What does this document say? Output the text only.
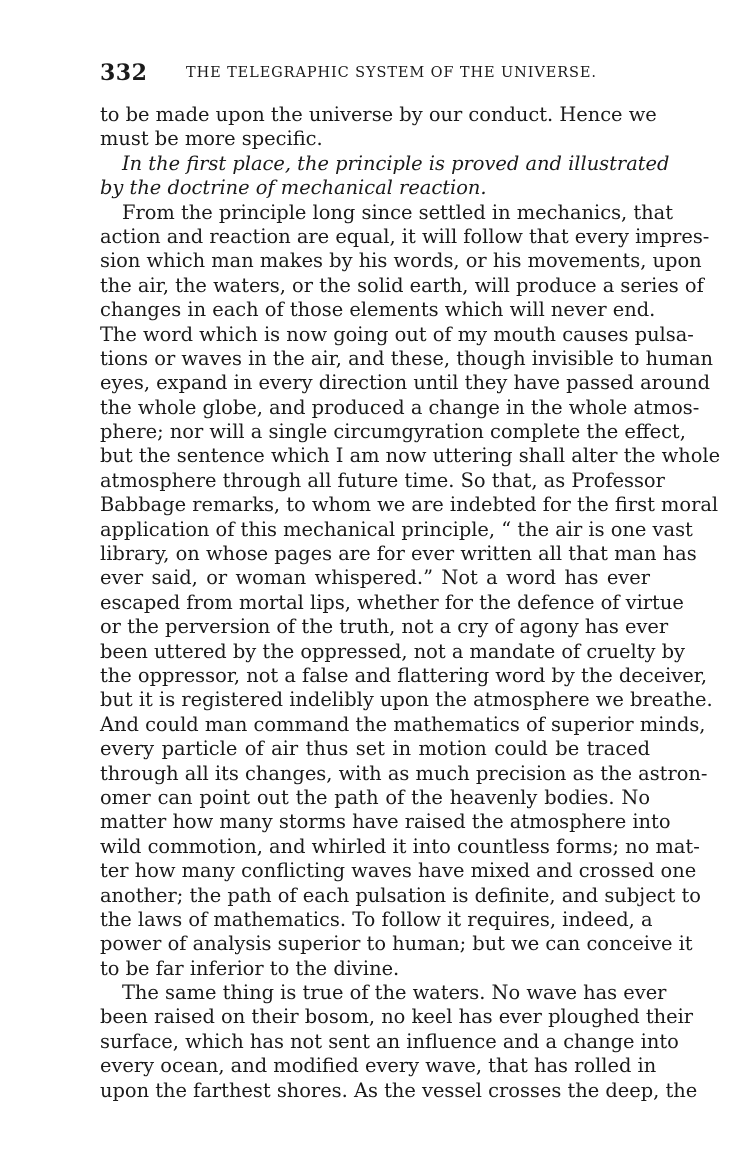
332	THE TELEGRAPHIC SYSTEM OF THE UNIVERSE.
to be made upon the universe by our conduct. Hence we
must be more specific.
In the first place, the principle is proved and illustrated
by the doctrine of mechanical reaction.
From the principle long since settled in mechanics, that
action and reaction are equal, it will follow that every impres-
sion which man makes by his words, or his movements, upon
the air, the waters, or the solid earth, will produce a series of
changes in each of those elements which will never end.
The word which is now going out of my mouth causes pulsa-
tions or waves in the air, and these, though invisible to human
eyes, expand in every direction until they have passed around
the whole globe, and produced a change in the whole atmos-
phere; nor will a single circumgyration complete the effect,
but the sentence which I am now uttering shall alter the whole
atmosphere through all future time. So that, as Professor
Babbage remarks, to whom we are indebted for the first moral
application of this mechanical principle, “ the air is one vast
library, on whose pages are for ever written all that man has
ever said, or woman whispered.” Not a word has ever
escaped from mortal lips, whether for the defence of virtue
or the perversion of the truth, not a cry of agony has ever
been uttered by the oppressed, not a mandate of cruelty by
the oppressor, not a false and flattering word by the deceiver,
but it is registered indelibly upon the atmosphere we breathe.
And could man command the mathematics of superior minds,
every particle of air thus set in motion could be traced
through all its changes, with as much precision as the astron-
omer can point out the path of the heavenly bodies. No
matter how many storms have raised the atmosphere into
wild commotion, and whirled it into countless forms; no mat-
ter how many conflicting waves have mixed and crossed one
another; the path of each pulsation is definite, and subject to
the laws of mathematics. To follow it requires, indeed, a
power of analysis superior to human; but we can conceive it
to be far inferior to the divine.
The same thing is true of the waters. No wave has ever
been raised on their bosom, no keel has ever ploughed their
surface, which has not sent an influence and a change into
every ocean, and modified every wave, that has rolled in
upon the farthest shores. As the vessel crosses the deep, the
